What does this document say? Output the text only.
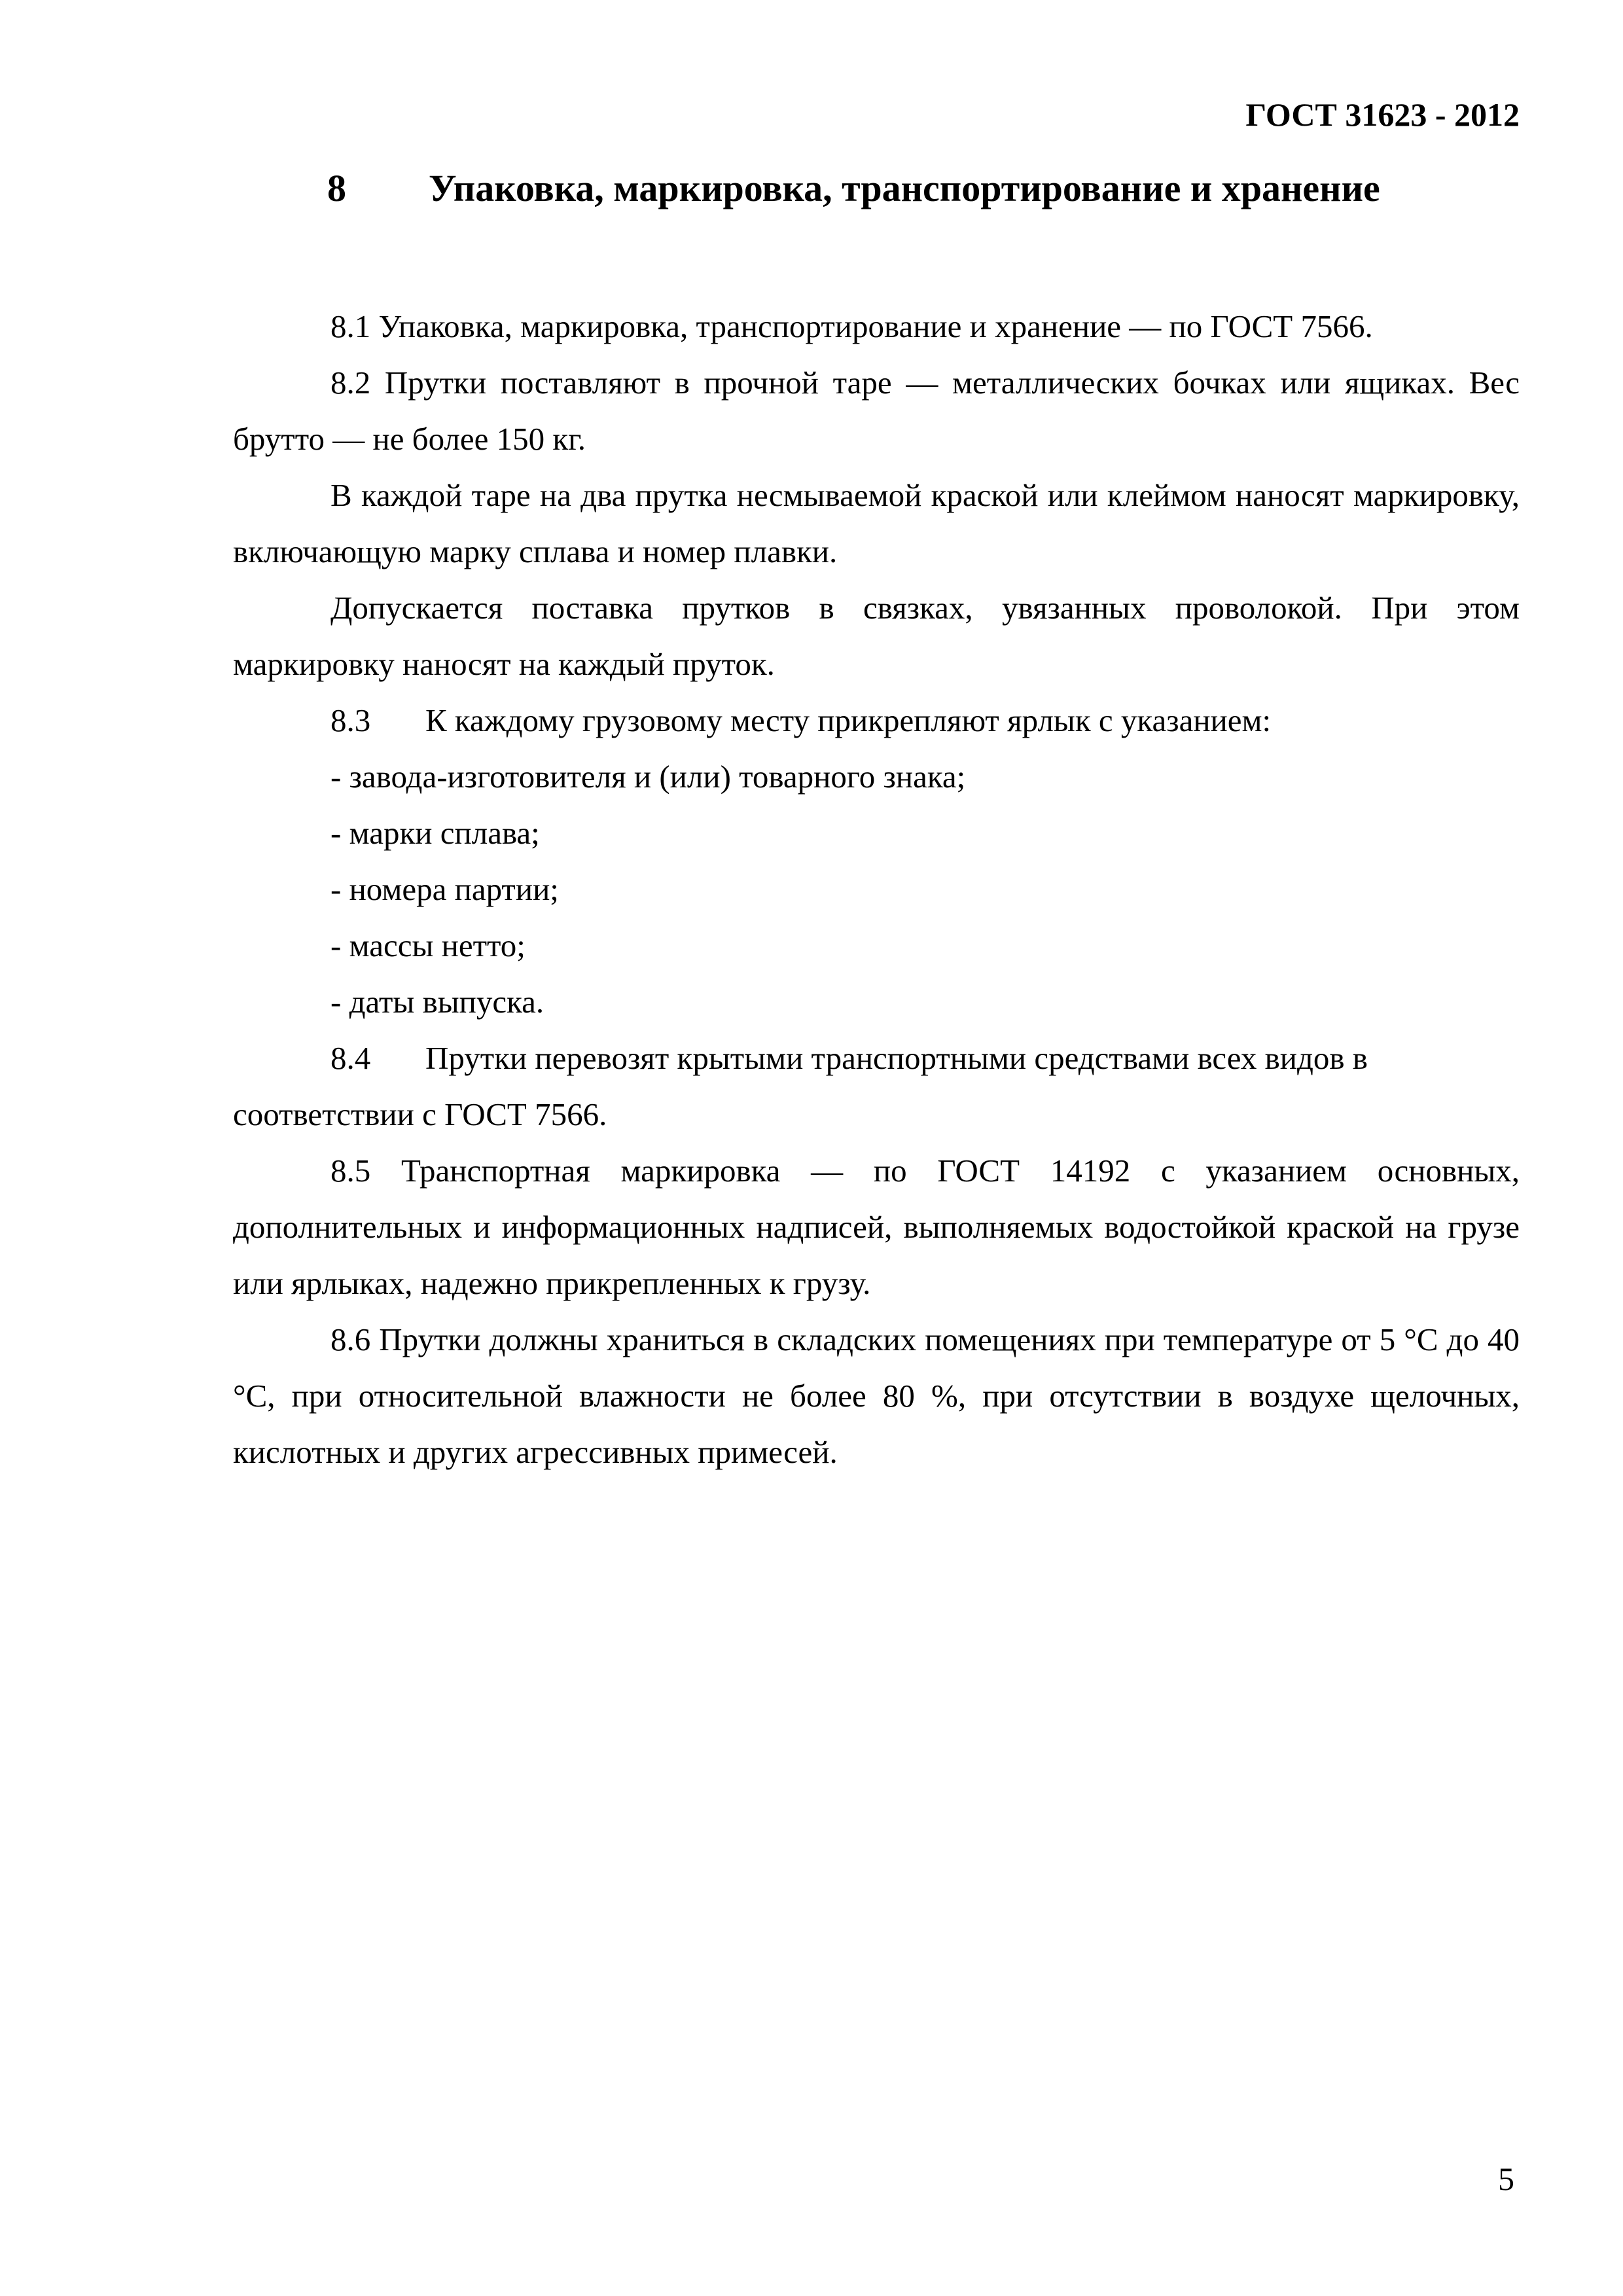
ГОСТ 31623 - 2012
8 Упаковка, маркировка, транспортирование и хранение

8.1 Упаковка, маркировка, транспортирование и хранение — по ГОСТ 7566.

8.2 Прутки поставляют в прочной таре — металлических бочках или ящиках. Вес брутто — не более 150 кг.

В каждой таре на два прутка несмываемой краской или клеймом наносят маркировку, включающую марку сплава и номер плавки.

Допускается поставка прутков в связках, увязанных проволокой. При этом маркировку наносят на каждый пруток.

8.3 К каждому грузовому месту прикрепляют ярлык с указанием:

- завода-изготовителя и (или) товарного знака;

- марки сплава;

- номера партии;

- массы нетто;

- даты выпуска.

8.4 Прутки перевозят крытыми транспортными средствами всех видов в соответствии с ГОСТ 7566.

8.5 Транспортная маркировка — по ГОСТ 14192 с указанием основных, дополнительных и информационных надписей, выполняемых водостойкой краской на грузе или ярлыках, надежно прикрепленных к грузу.

8.6 Прутки должны храниться в складских помещениях при температуре от 5 °С до 40 °С, при относительной влажности не более 80 %, при отсутствии в воздухе щелочных, кислотных и других агрессивных примесей.

5
